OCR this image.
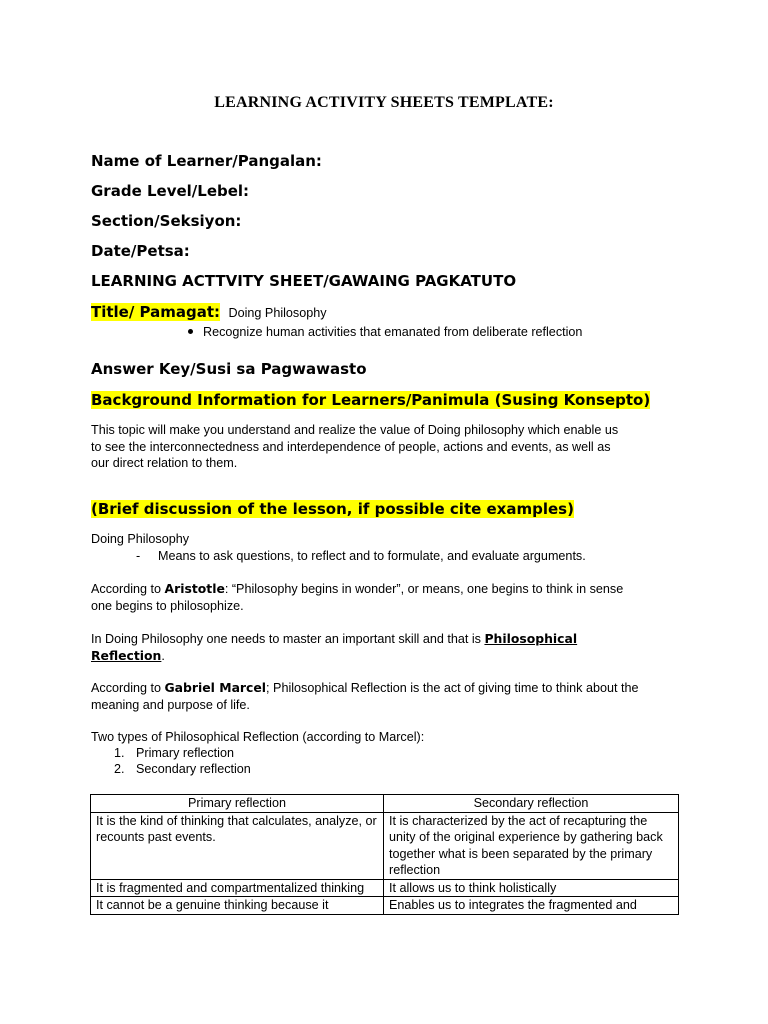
LEARNING ACTIVITY SHEETS TEMPLATE:
Name of Learner/Pangalan:
Grade Level/Lebel:
Section/Seksiyon:
Date/Petsa:
LEARNING ACTTVITY SHEET/GAWAING PAGKATUTO
Title/ Pamagat: Doing Philosophy
Recognize human activities that emanated from deliberate reflection
Answer Key/Susi sa Pagwawasto
Background Information for Learners/Panimula (Susing Konsepto)
This topic will make you understand and realize the value of Doing philosophy which enable us
to see the interconnectedness and interdependence of people, actions and events, as well as
our direct relation to them.
(Brief discussion of the lesson, if possible cite examples)
Doing Philosophy
- Means to ask questions, to reflect and to formulate, and evaluate arguments.
According to Aristotle: “Philosophy begins in wonder”, or means, one begins to think in sense
one begins to philosophize.
In Doing Philosophy one needs to master an important skill and that is Philosophical
Reflection.
According to Gabriel Marcel; Philosophical Reflection is the act of giving time to think about the
meaning and purpose of life.
Two types of Philosophical Reflection (according to Marcel):
1. Primary reflection
2. Secondary reflection
Primary reflection	Secondary reflection
It is the kind of thinking that calculates, analyze, or recounts past events.	It is characterized by the act of recapturing the unity of the original experience by gathering back together what is been separated by the primary reflection
It is fragmented and compartmentalized thinking	It allows us to think holistically
It cannot be a genuine thinking because it	Enables us to integrates the fragmented and
